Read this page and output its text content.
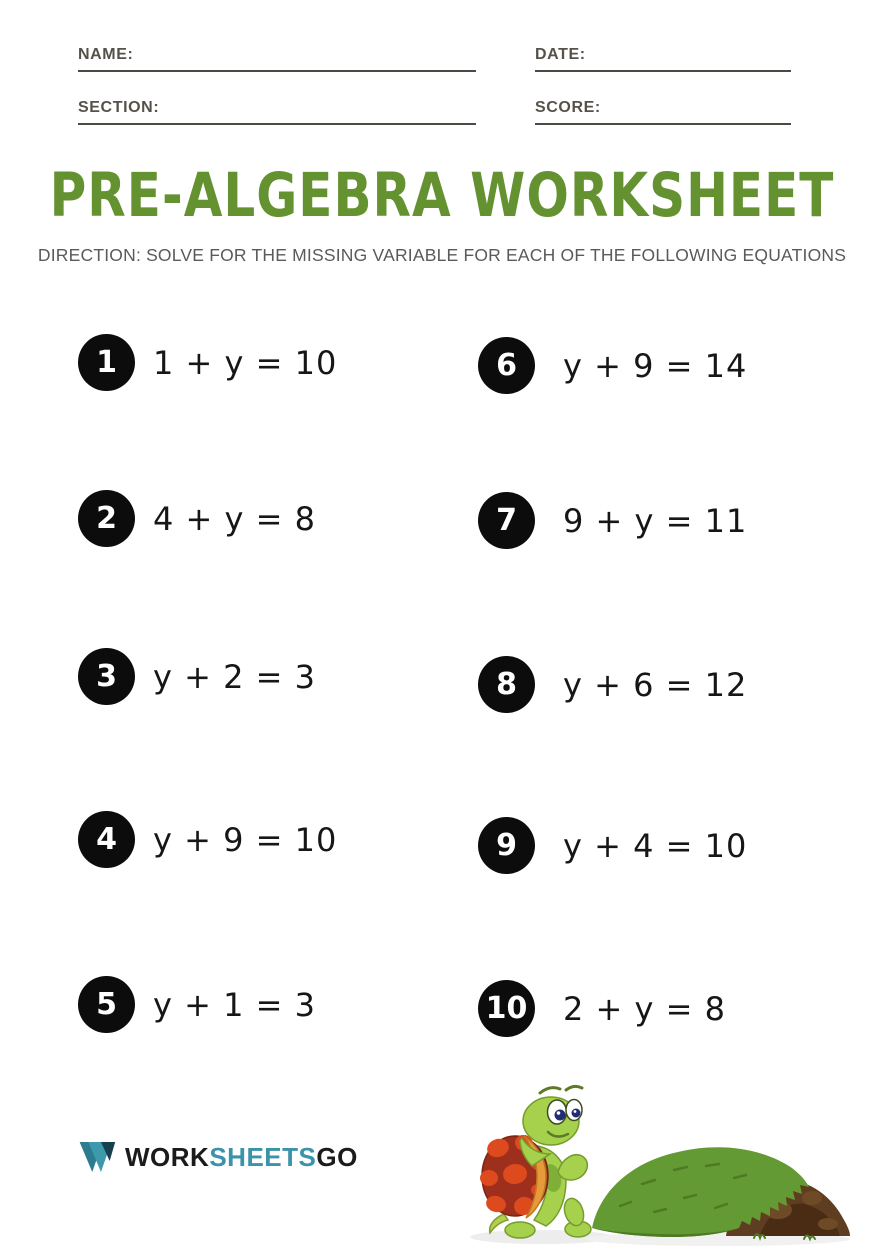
NAME:	DATE:
SECTION:	SCORE:
PRE-ALGEBRA WORKSHEET
DIRECTION: SOLVE FOR THE MISSING VARIABLE FOR EACH OF THE FOLLOWING EQUATIONS
1	1 + y = 10
2	4 + y = 8
3	y + 2 = 3
4	y + 9 = 10
5	y + 1 = 3
6	y + 9 = 14
7	9 + y = 11
8	y + 6 = 12
9	y + 4 = 10
10 2 + y = 8
WORK SHEETS GO
